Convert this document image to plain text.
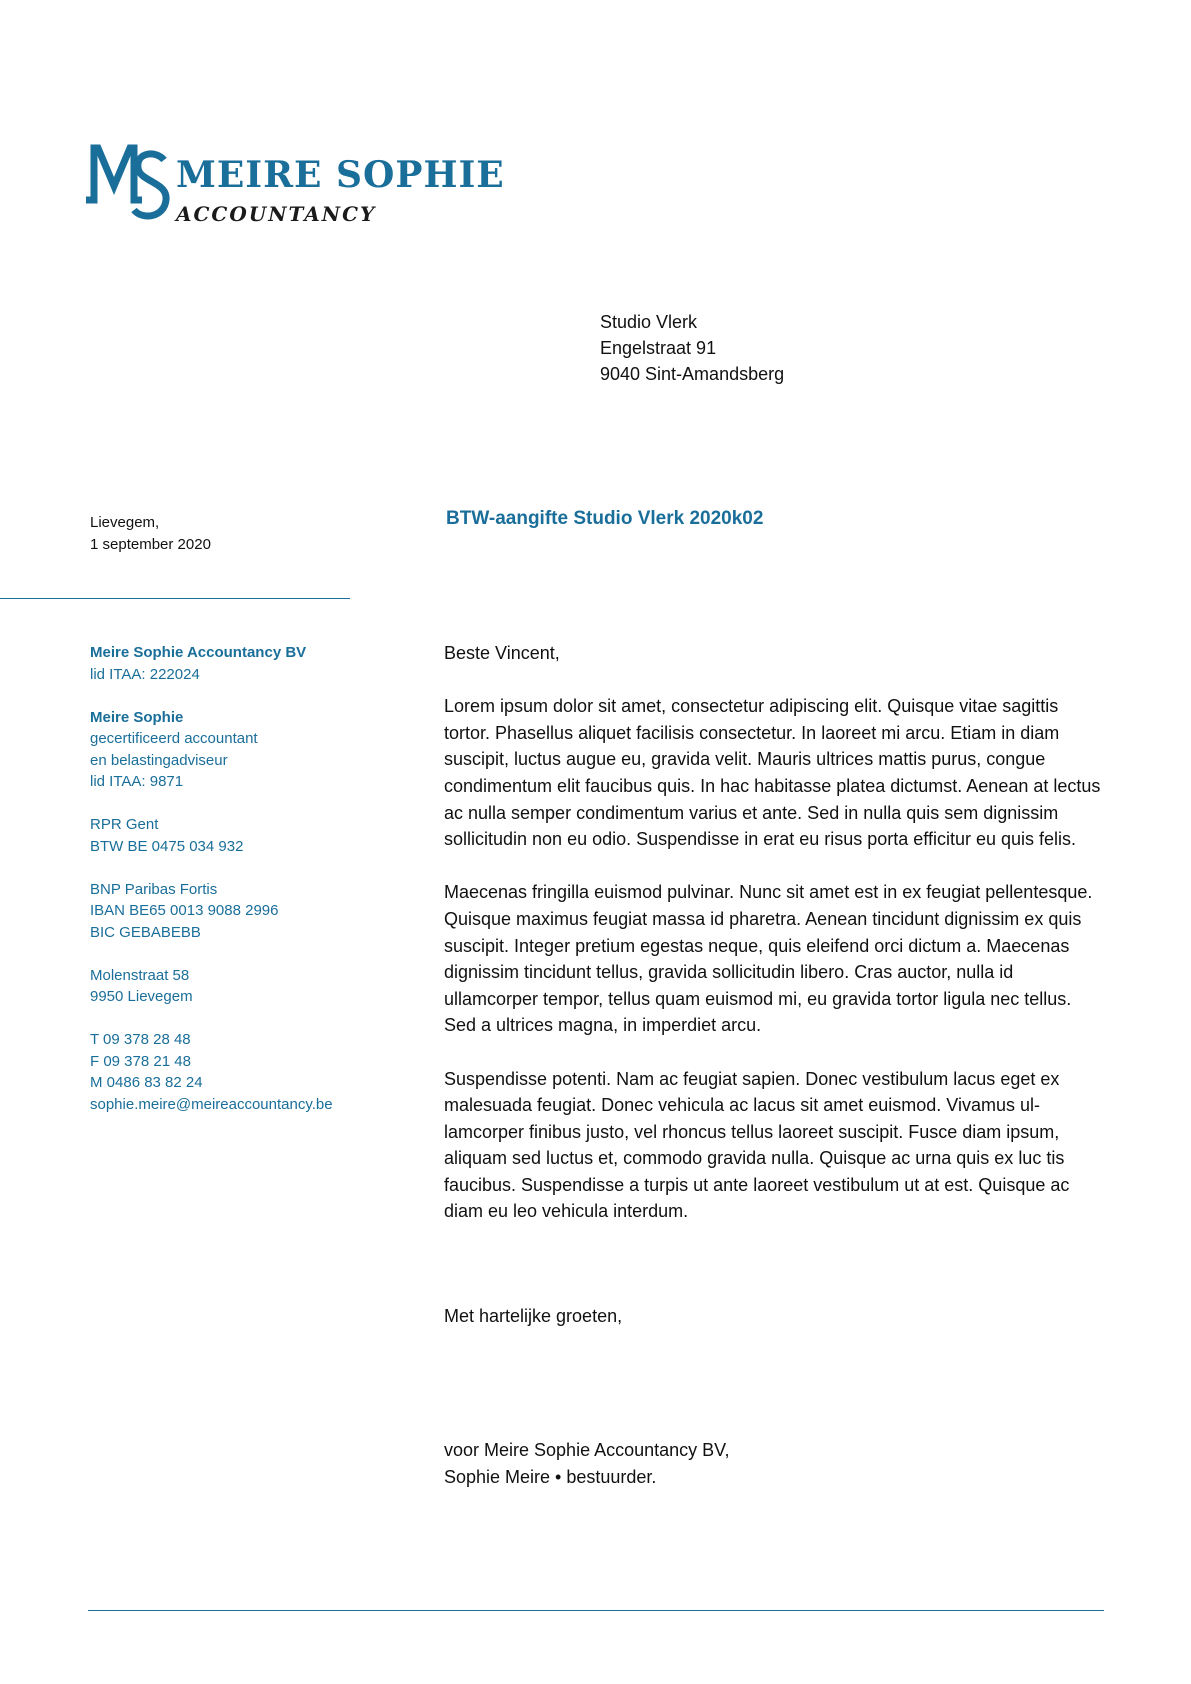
MEIRE SOPHIE
ACCOUNTANCY
Studio Vlerk
Engelstraat 91
9040 Sint-Amandsberg
Lievegem,
1 september 2020
BTW-aangifte Studio Vlerk 2020k02
Meire Sophie Accountancy BV
lid ITAA: 222024
Meire Sophie
gecertificeerd accountant
en belastingadviseur
lid ITAA: 9871
RPR Gent
BTW BE 0475 034 932
BNP Paribas Fortis
IBAN BE65 0013 9088 2996
BIC GEBABEBB
Molenstraat 58
9950 Lievegem
T 09 378 28 48
F 09 378 21 48
M 0486 83 82 24
sophie.meire@meireaccountancy.be

Beste Vincent,

Lorem ipsum dolor sit amet, consectetur adipiscing elit. Quisque vitae sagittis tortor. Phasellus aliquet facilisis consectetur. In laoreet mi arcu. Etiam in diam suscipit, luctus augue eu, gravida velit. Mauris ultrices mattis purus, congue condimentum elit faucibus quis. In hac habitasse platea dictumst. Aenean at lectus ac nulla semper condimentum varius et ante. Sed in nulla quis sem dignissim sollicitudin non eu odio. Suspendisse in erat eu risus porta efficitur eu quis felis.

Maecenas fringilla euismod pulvinar. Nunc sit amet est in ex feugiat pellentesque. Quisque maximus feugiat massa id pharetra. Aenean tincidunt dignissim ex quis suscipit. Integer pretium egestas neque, quis eleifend orci dictum a. Maecenas dignissim tincidunt tellus, gravida sollicitudin libero. Cras auctor, nulla id ullamcorper tempor, tellus quam euismod mi, eu gravida tortor ligula nec tellus. Sed a ultrices magna, in imperdiet arcu.

Suspendisse potenti. Nam ac feugiat sapien. Donec vestibulum lacus eget ex malesuada feugiat. Donec vehicula ac lacus sit amet euismod. Vivamus ullamcorper finibus justo, vel rhoncus tellus laoreet suscipit. Fusce diam ipsum, aliquam sed luctus et, commodo gravida nulla. Quisque ac urna quis ex luc tis faucibus. Suspendisse a turpis ut ante laoreet vestibulum ut at est. Quisque ac diam eu leo vehicula interdum.

Met hartelijke groeten,
voor Meire Sophie Accountancy BV,
Sophie Meire • bestuurder.
